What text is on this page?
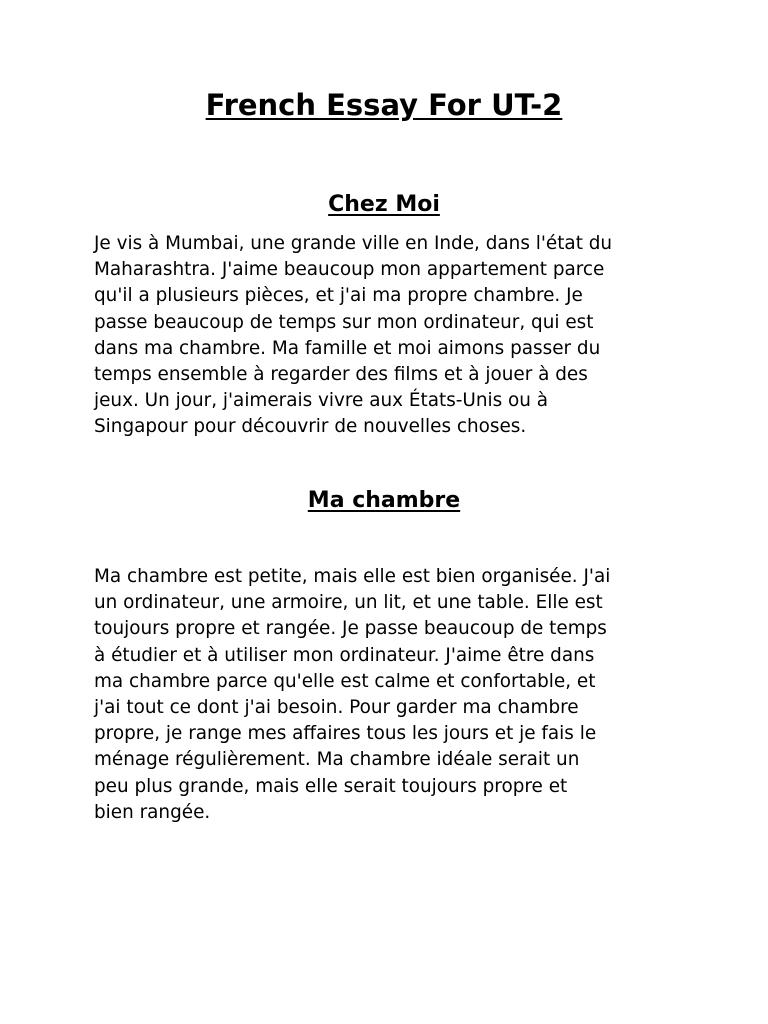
French Essay For UT-2
Chez Moi

Je vis à Mumbai, une grande ville en Inde, dans l'état du
Maharashtra. J'aime beaucoup mon appartement parce
qu'il a plusieurs pièces, et j'ai ma propre chambre. Je
passe beaucoup de temps sur mon ordinateur, qui est
dans ma chambre. Ma famille et moi aimons passer du
temps ensemble à regarder des films et à jouer à des
jeux. Un jour, j'aimerais vivre aux États-Unis ou à
Singapour pour découvrir de nouvelles choses.

Ma chambre

Ma chambre est petite, mais elle est bien organisée. J'ai
un ordinateur, une armoire, un lit, et une table. Elle est
toujours propre et rangée. Je passe beaucoup de temps
à étudier et à utiliser mon ordinateur. J'aime être dans
ma chambre parce qu'elle est calme et confortable, et
j'ai tout ce dont j'ai besoin. Pour garder ma chambre
propre, je range mes affaires tous les jours et je fais le
ménage régulièrement. Ma chambre idéale serait un
peu plus grande, mais elle serait toujours propre et
bien rangée.
